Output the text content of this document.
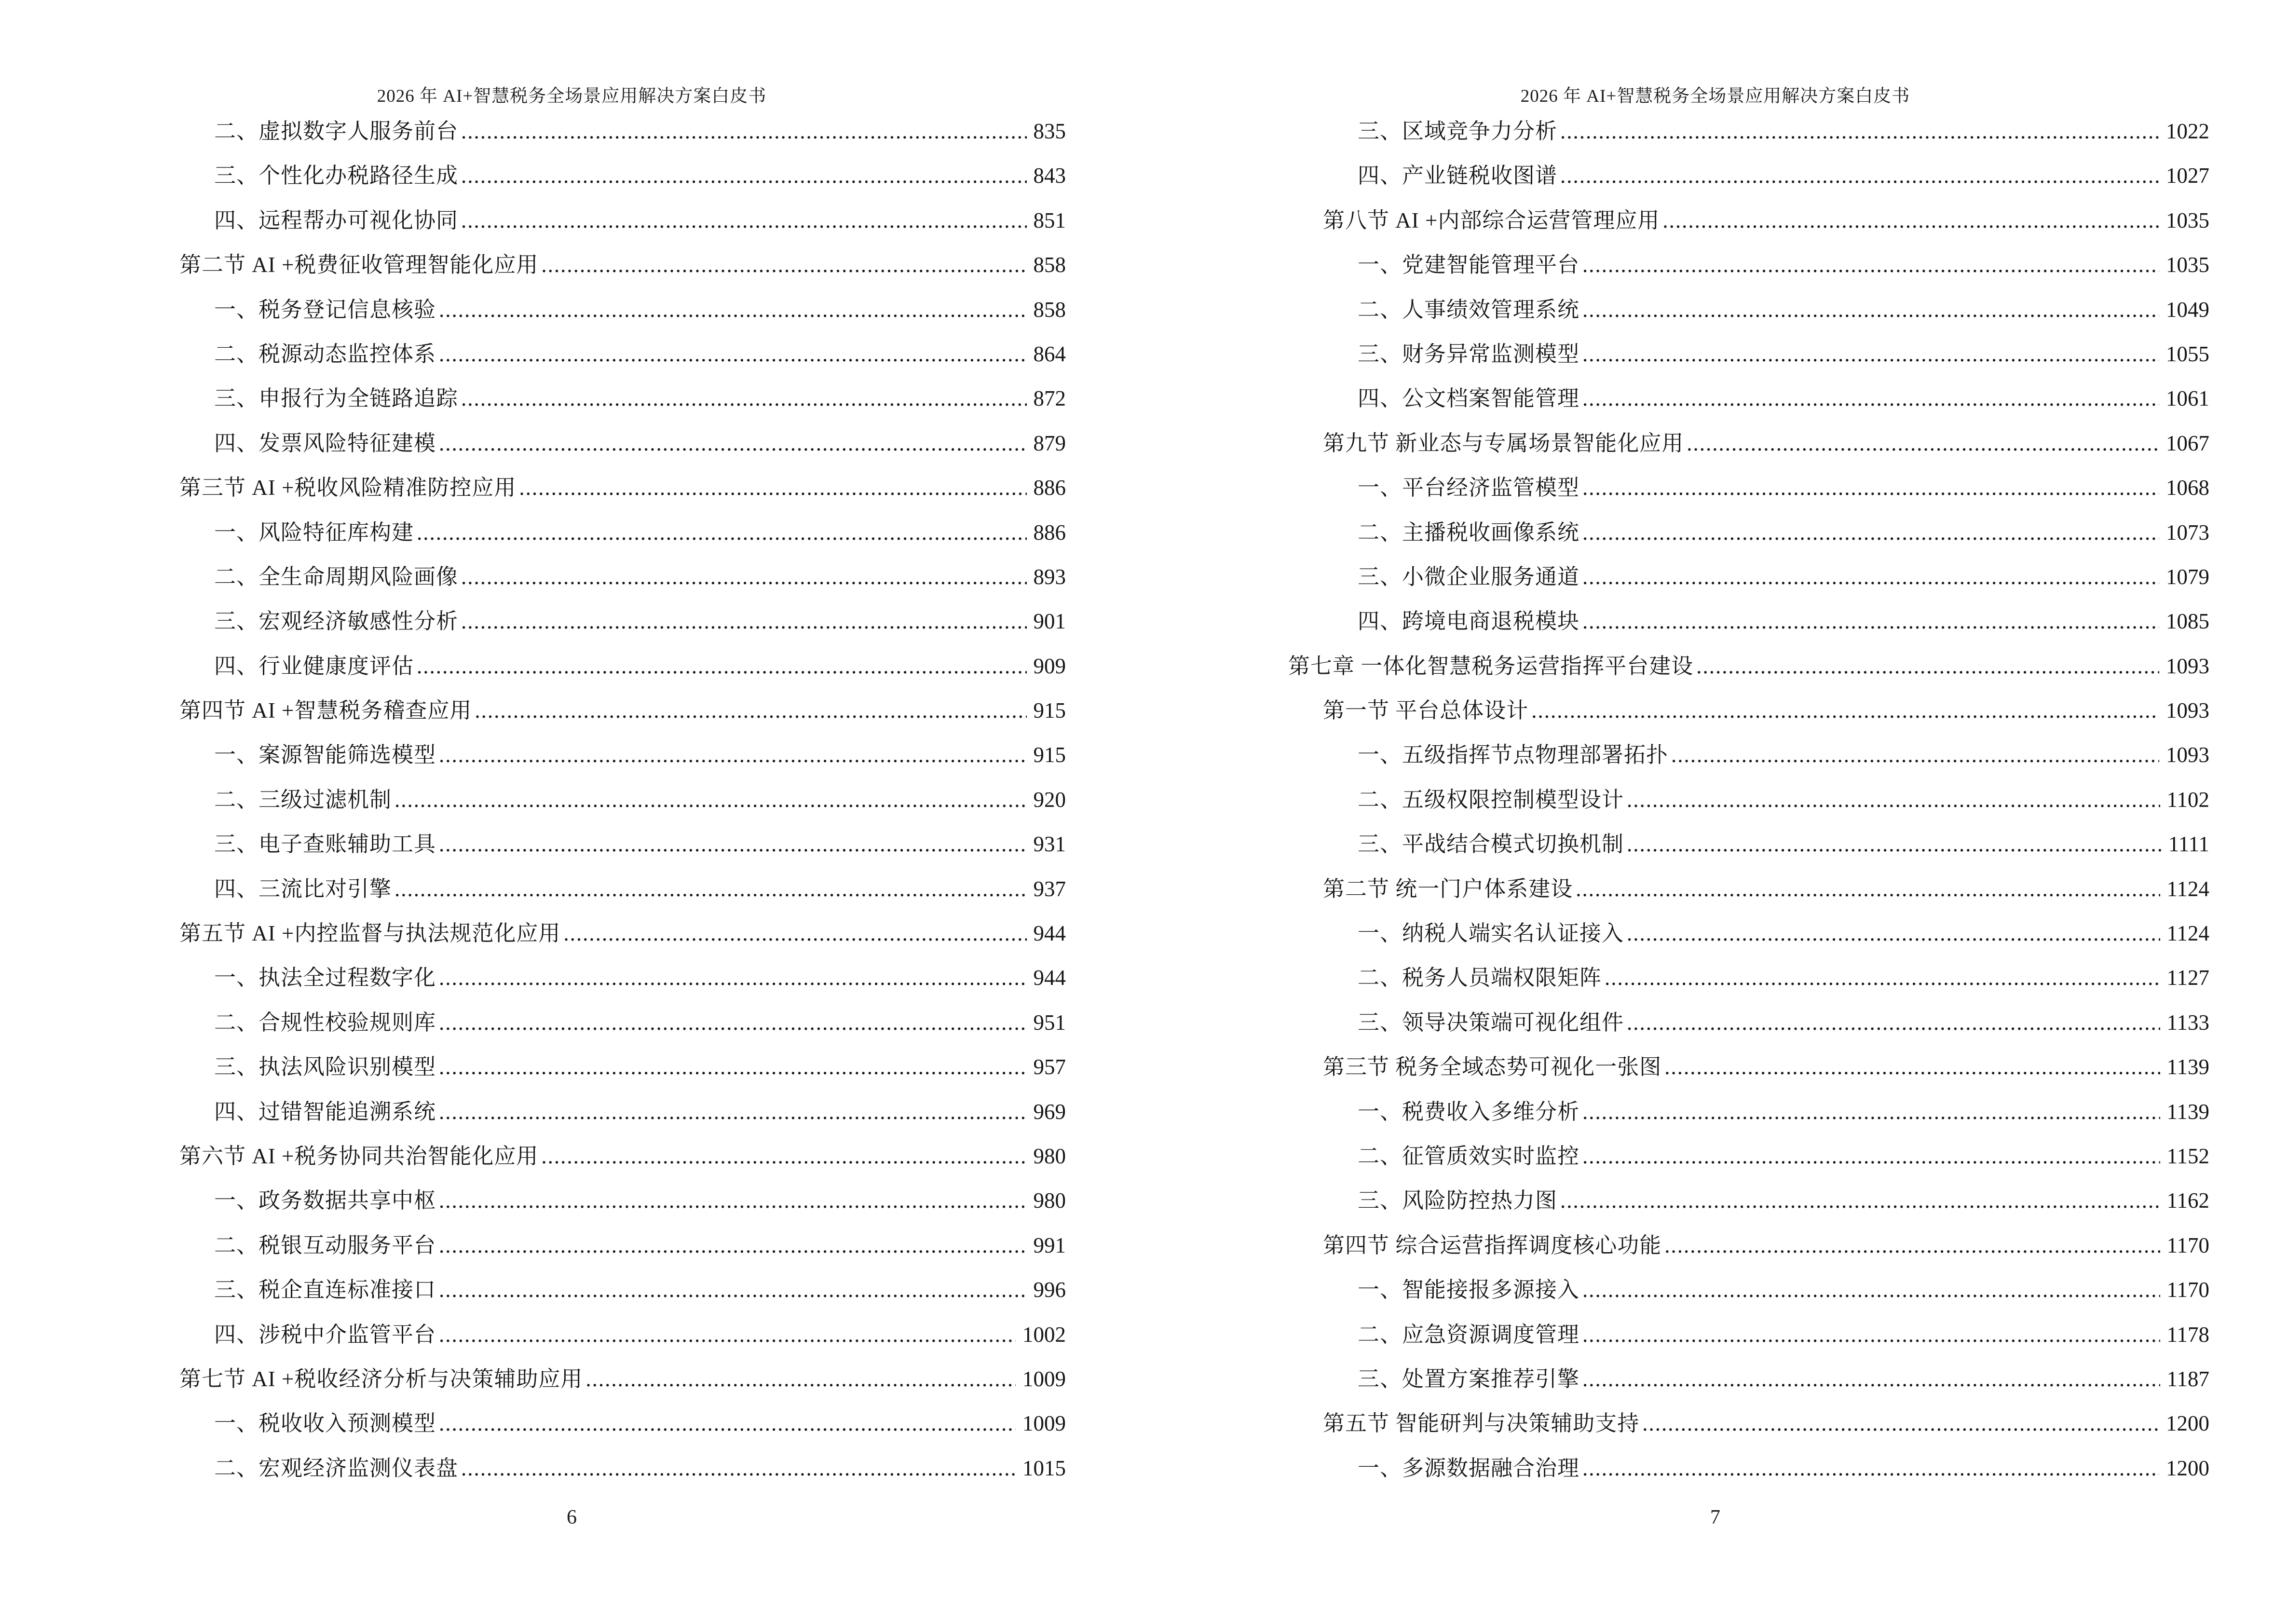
2026 年 AI+智慧税务全场景应用解决方案白皮书
二、虚拟数字人服务前台 .....	835
三、个性化办税路径生成 .....	843
四、远程帮办可视化协同 .....	851
第二节 AI +税费征收管理智能化应用 .....	858
一、税务登记信息核验 .....	858
二、税源动态监控体系 .....	864
三、申报行为全链路追踪 .....	872
四、发票风险特征建模 .....	879
第三节 AI +税收风险精准防控应用 .....	886
一、风险特征库构建 .....	886
二、全生命周期风险画像 .....	893
三、宏观经济敏感性分析 .....	901
四、行业健康度评估 .....	909
第四节 AI +智慧税务稽查应用 .....	915
一、案源智能筛选模型 .....	915
二、三级过滤机制 .....	920
三、电子查账辅助工具 .....	931
四、三流比对引擎 .....	937
第五节 AI +内控监督与执法规范化应用 .....	944
一、执法全过程数字化 .....	944
二、合规性校验规则库 .....	951
三、执法风险识别模型 .....	957
四、过错智能追溯系统 .....	969
第六节 AI +税务协同共治智能化应用 .....	980
一、政务数据共享中枢 .....	980
二、税银互动服务平台 .....	991
三、税企直连标准接口 .....	996
四、涉税中介监管平台 .....	1002
第七节 AI +税收经济分析与决策辅助应用 .....	1009
一、税收收入预测模型 .....	1009
二、宏观经济监测仪表盘 .....	1015
6
2026 年 AI+智慧税务全场景应用解决方案白皮书
三、区域竞争力分析 .....	1022
四、产业链税收图谱 .....	1027
第八节 AI +内部综合运营管理应用 .....	1035
一、党建智能管理平台 .....	1035
二、人事绩效管理系统 .....	1049
三、财务异常监测模型 .....	1055
四、公文档案智能管理 .....	1061
第九节 新业态与专属场景智能化应用 .....	1067
一、平台经济监管模型 .....	1068
二、主播税收画像系统 .....	1073
三、小微企业服务通道 .....	1079
四、跨境电商退税模块 .....	1085
第七章 一体化智慧税务运营指挥平台建设 .....	1093
第一节 平台总体设计 .....	1093
一、五级指挥节点物理部署拓扑 .....	1093
二、五级权限控制模型设计 .....	1102
三、平战结合模式切换机制 .....	1111
第二节 统一门户体系建设 .....	1124
一、纳税人端实名认证接入 .....	1124
二、税务人员端权限矩阵 .....	1127
三、领导决策端可视化组件 .....	1133
第三节 税务全域态势可视化一张图 .....	1139
一、税费收入多维分析 .....	1139
二、征管质效实时监控 .....	1152
三、风险防控热力图 .....	1162
第四节 综合运营指挥调度核心功能 .....	1170
一、智能接报多源接入 .....	1170
二、应急资源调度管理 .....	1178
三、处置方案推荐引擎 .....	1187
第五节 智能研判与决策辅助支持 .....	1200
一、多源数据融合治理 .....	1200
7
